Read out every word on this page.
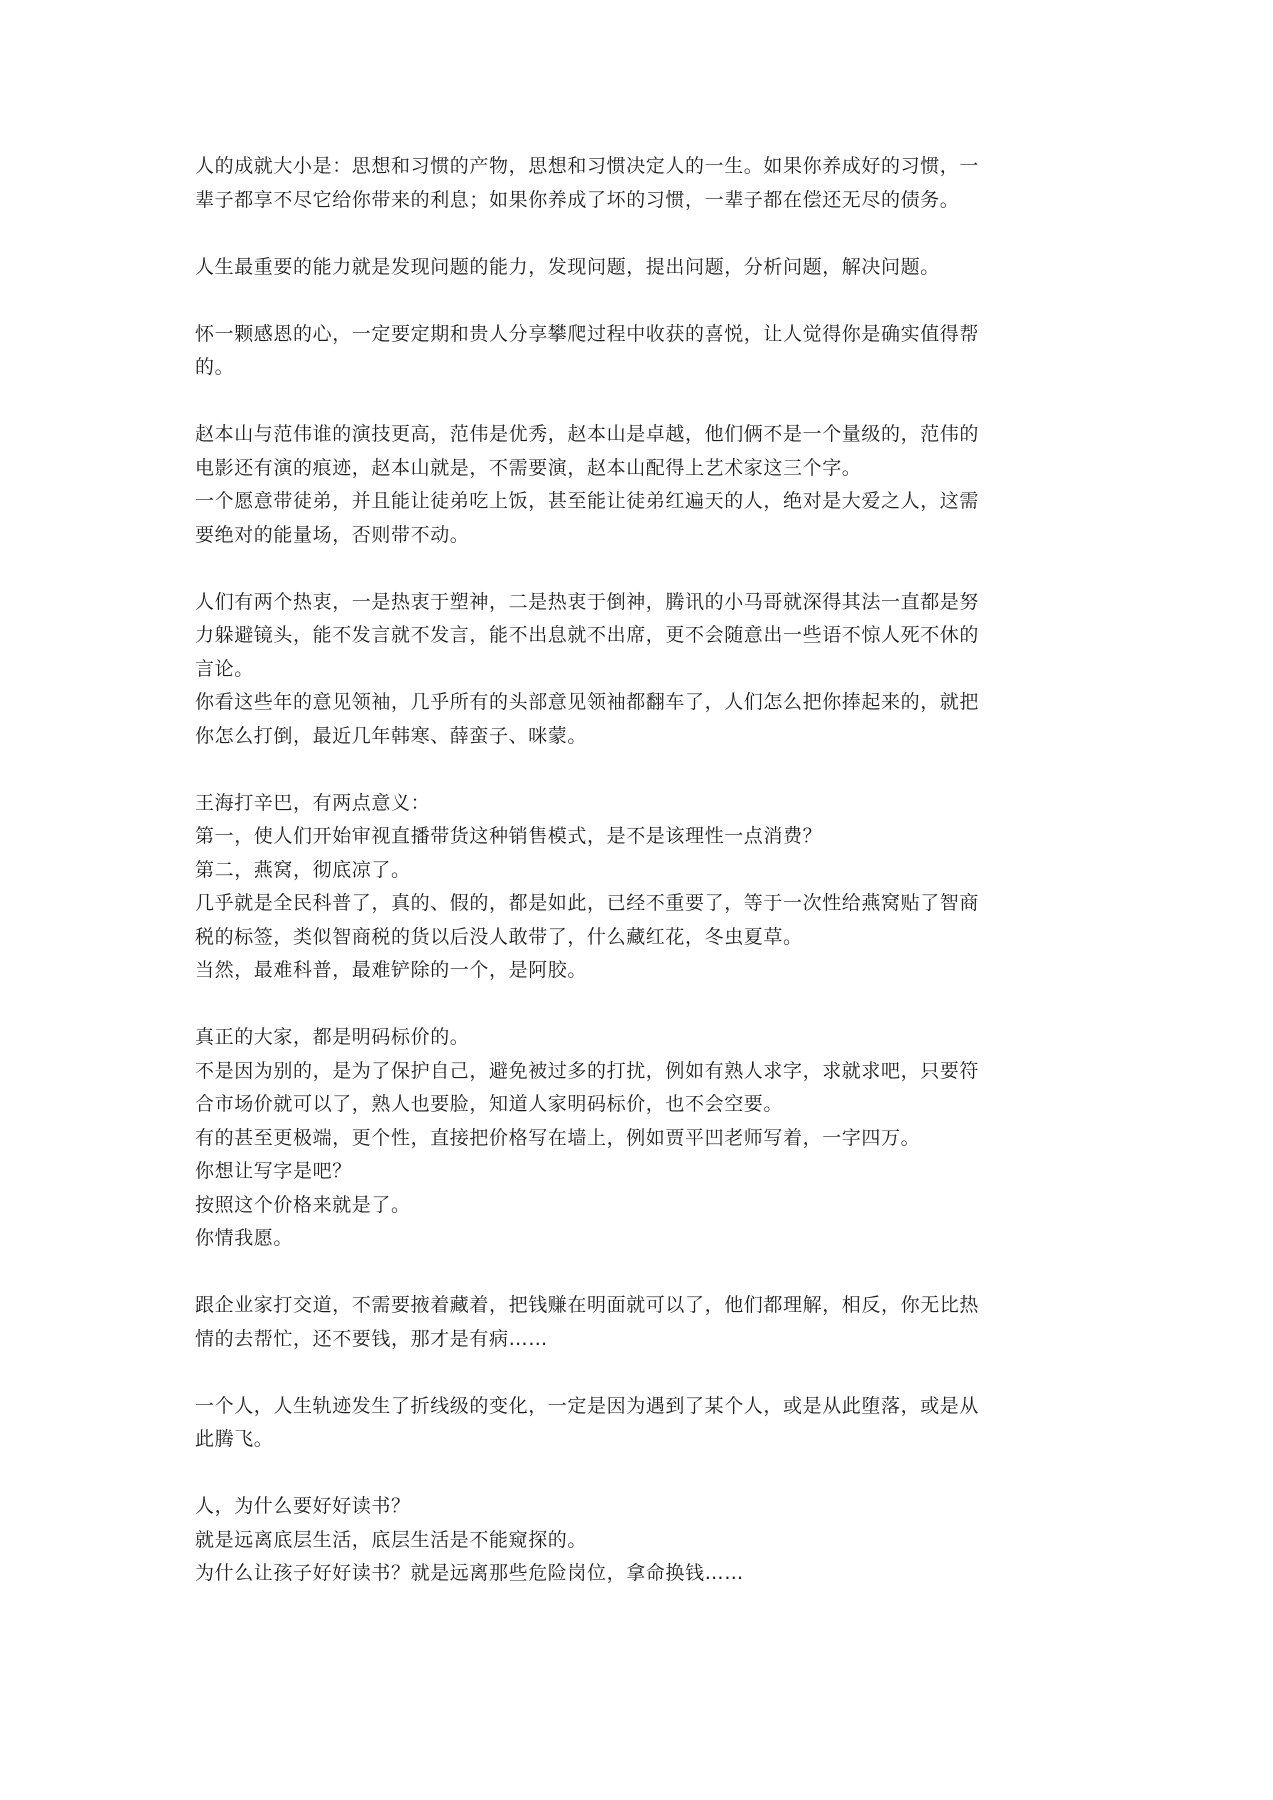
人的成就大小是：思想和习惯的产物，思想和习惯决定人的一生。如果你养成好的习惯，一
辈子都享不尽它给你带来的利息；如果你养成了坏的习惯，一辈子都在偿还无尽的债务。
人生最重要的能力就是发现问题的能力，发现问题，提出问题，分析问题，解决问题。
怀一颗感恩的心，一定要定期和贵人分享攀爬过程中收获的喜悦，让人觉得你是确实值得帮
的。
赵本山与范伟谁的演技更高，范伟是优秀，赵本山是卓越，他们俩不是一个量级的，范伟的
电影还有演的痕迹，赵本山就是，不需要演，赵本山配得上艺术家这三个字。
一个愿意带徒弟，并且能让徒弟吃上饭，甚至能让徒弟红遍天的人，绝对是大爱之人，这需
要绝对的能量场，否则带不动。
人们有两个热衷，一是热衷于塑神，二是热衷于倒神，腾讯的小马哥就深得其法一直都是努
力躲避镜头，能不发言就不发言，能不出息就不出席，更不会随意出一些语不惊人死不休的
言论。
你看这些年的意见领袖，几乎所有的头部意见领袖都翻车了，人们怎么把你捧起来的，就把
你怎么打倒，最近几年韩寒、薛蛮子、咪蒙。
王海打辛巴，有两点意义：
第一，使人们开始审视直播带货这种销售模式，是不是该理性一点消费？
第二，燕窝，彻底凉了。
几乎就是全民科普了，真的、假的，都是如此，已经不重要了，等于一次性给燕窝贴了智商
税的标签，类似智商税的货以后没人敢带了，什么藏红花，冬虫夏草。
当然，最难科普，最难铲除的一个，是阿胶。
真正的大家，都是明码标价的。
不是因为别的，是为了保护自己，避免被过多的打扰，例如有熟人求字，求就求吧，只要符
合市场价就可以了，熟人也要脸，知道人家明码标价，也不会空要。
有的甚至更极端，更个性，直接把价格写在墙上，例如贾平凹老师写着，一字四万。
你想让写字是吧？
按照这个价格来就是了。
你情我愿。
跟企业家打交道，不需要掖着藏着，把钱赚在明面就可以了，他们都理解，相反，你无比热
情的去帮忙，还不要钱，那才是有病……
一个人，人生轨迹发生了折线级的变化，一定是因为遇到了某个人，或是从此堕落，或是从
此腾飞。
人，为什么要好好读书？
就是远离底层生活，底层生活是不能窥探的。
为什么让孩子好好读书？就是远离那些危险岗位，拿命换钱……
